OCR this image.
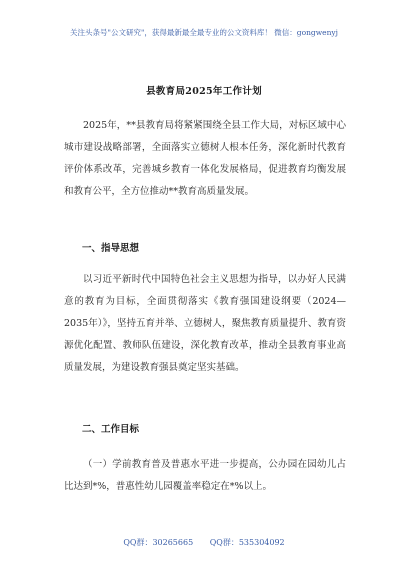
关注头条号"公文研究"，获得最新最全最专业的公文资料库！ 微信：gongwenyj
县教育局2025年工作计划

2025年，**县教育局将紧紧围绕全县工作大局，对标区域中心城市建设战略部署，全面落实立德树人根本任务，深化新时代教育评价体系改革，完善城乡教育一体化发展格局，促进教育均衡发展和教育公平，全方位推动**教育高质量发展。

一、指导思想

以习近平新时代中国特色社会主义思想为指导，以办好人民满意的教育为目标，全面贯彻落实《教育强国建设纲要（2024—2035年）》，坚持五育并举、立德树人，聚焦教育质量提升、教育资源优化配置、教师队伍建设，深化教育改革，推动全县教育事业高质量发展，为建设教育强县奠定坚实基础。

二、工作目标

（一）学前教育普及普惠水平进一步提高，公办园在园幼儿占比达到*%，普惠性幼儿园覆盖率稳定在*%以上。

QQ群：30265665 QQ群：535304092
